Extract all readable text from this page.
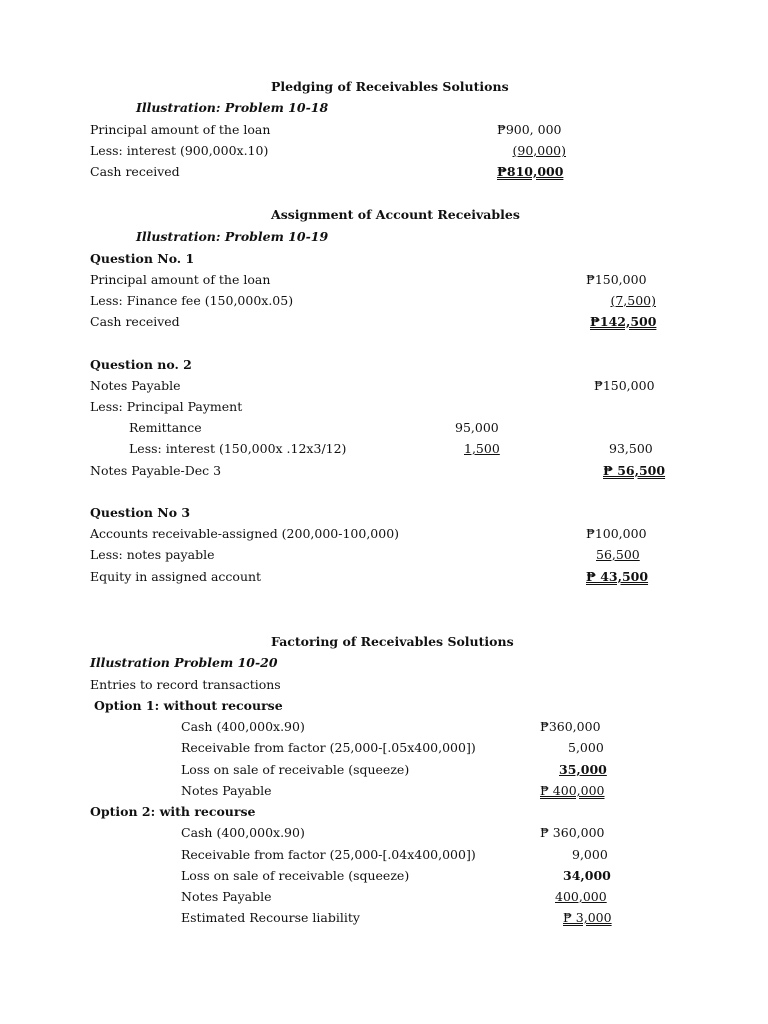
Pledging of Receivables Solutions
Illustration: Problem 10-18
Principal amount of the loan	₱900, 000
Less: interest (900,000x.10)	(90,000)
Cash received	₱810,000
Assignment of Account Receivables
Illustration: Problem 10-19
Question No. 1
Principal amount of the loan	₱150,000
Less: Finance fee (150,000x.05)	(7,500)
Cash received	₱142,500
Question no. 2
Notes Payable	₱150,000
Less: Principal Payment
Remittance	95,000
Less: interest (150,000x .12x3/12)	1,500	93,500
Notes Payable-Dec 3	₱ 56,500
Question No 3
Accounts receivable-assigned (200,000-100,000)	₱100,000
Less: notes payable	56,500
Equity in assigned account	₱ 43,500
Factoring of Receivables Solutions
Illustration Problem 10-20
Entries to record transactions
Option 1: without recourse
Cash (400,000x.90)	₱360,000
Receivable from factor (25,000-[.05x400,000])	5,000
Loss on sale of receivable (squeeze)	35,000
Notes Payable	₱ 400,000
Option 2: with recourse
Cash (400,000x.90)	₱ 360,000
Receivable from factor (25,000-[.04x400,000])	9,000
Loss on sale of receivable (squeeze)	34,000
Notes Payable	400,000
Estimated Recourse liability	₱ 3,000
